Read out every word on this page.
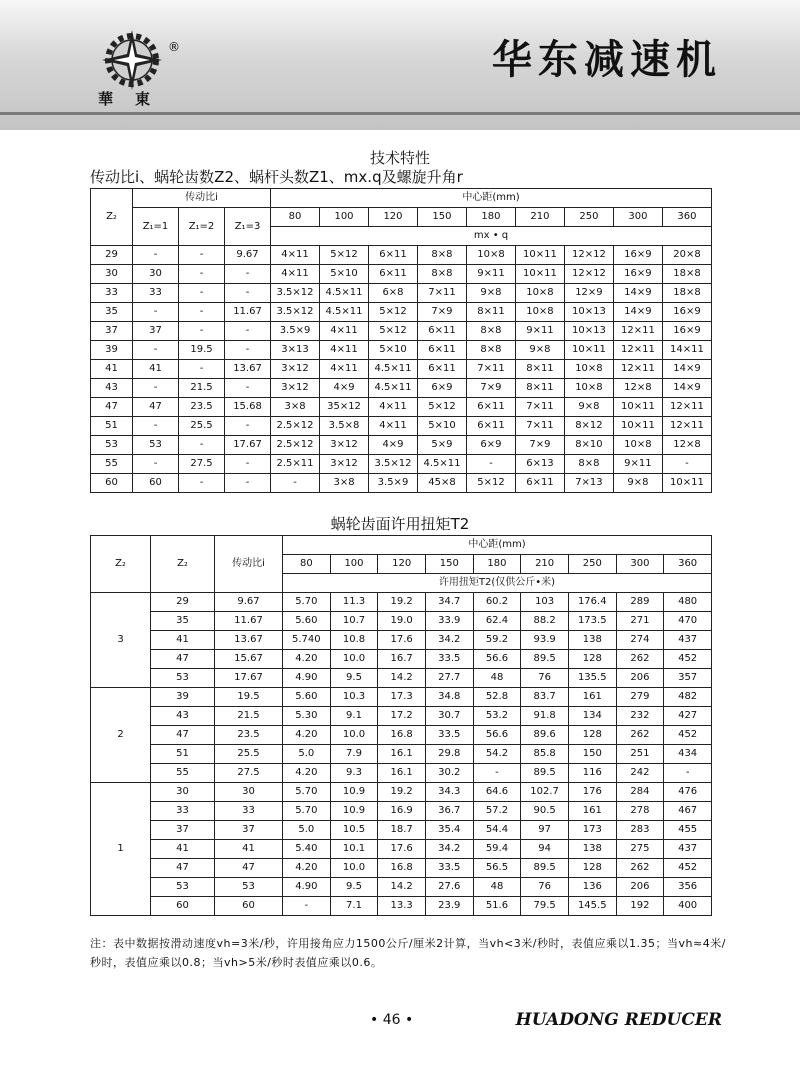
®
華東
华东减速机
技术特性
传动比i、蜗轮齿数Z2、蜗杆头数Z1、mx.q及螺旋升角r
Z₂	传动比i			中心距(mm)								
	Z₁=1	Z₁=2	Z₁=3	80	100	120	150	180	210	250	300	360
				mx • q								
29	-	-	9.67	4×11	5×12	6×11	8×8	10×8	10×11	12×12	16×9	20×8
30	30	-	-	4×11	5×10	6×11	8×8	9×11	10×11	12×12	16×9	18×8
33	33	-	-	3.5×12	4.5×11	6×8	7×11	9×8	10×8	12×9	14×9	18×8
35	-	-	11.67	3.5×12	4.5×11	5×12	7×9	8×11	10×8	10×13	14×9	16×9
37	37	-	-	3.5×9	4×11	5×12	6×11	8×8	9×11	10×13	12×11	16×9
39	-	19.5	-	3×13	4×11	5×10	6×11	8×8	9×8	10×11	12×11	14×11
41	41	-	13.67	3×12	4×11	4.5×11	6×11	7×11	8×11	10×8	12×11	14×9
43	-	21.5	-	3×12	4×9	4.5×11	6×9	7×9	8×11	10×8	12×8	14×9
47	47	23.5	15.68	3×8	35×12	4×11	5×12	6×11	7×11	9×8	10×11	12×11
51	-	25.5	-	2.5×12	3.5×8	4×11	5×10	6×11	7×11	8×12	10×11	12×11
53	53	-	17.67	2.5×12	3×12	4×9	5×9	6×9	7×9	8×10	10×8	12×8
55	-	27.5	-	2.5×11	3×12	3.5×12	4.5×11	-	6×13	8×8	9×11	-
60	60	-	-	-	3×8	3.5×9	45×8	5×12	6×11	7×13	9×8	10×11
蜗轮齿面许用扭矩T2
Z₂	Z₂	传动比i	中心距(mm)								
			80	100	120	150	180	210	250	300	360
			许用扭矩T2(仅供公斤•米)								
3	29	9.67	5.70	11.3	19.2	34.7	60.2	103	176.4	289	480
	35	11.67	5.60	10.7	19.0	33.9	62.4	88.2	173.5	271	470
	41	13.67	5.740	10.8	17.6	34.2	59.2	93.9	138	274	437
	47	15.67	4.20	10.0	16.7	33.5	56.6	89.5	128	262	452
	53	17.67	4.90	9.5	14.2	27.7	48	76	135.5	206	357
2	39	19.5	5.60	10.3	17.3	34.8	52.8	83.7	161	279	482
	43	21.5	5.30	9.1	17.2	30.7	53.2	91.8	134	232	427
	47	23.5	4.20	10.0	16.8	33.5	56.6	89.6	128	262	452
	51	25.5	5.0	7.9	16.1	29.8	54.2	85.8	150	251	434
	55	27.5	4.20	9.3	16.1	30.2	-	89.5	116	242	-
1	30	30	5.70	10.9	19.2	34.3	64.6	102.7	176	284	476
	33	33	5.70	10.9	16.9	36.7	57.2	90.5	161	278	467
	37	37	5.0	10.5	18.7	35.4	54.4	97	173	283	455
	41	41	5.40	10.1	17.6	34.2	59.4	94	138	275	437
	47	47	4.20	10.0	16.8	33.5	56.5	89.5	128	262	452
	53	53	4.90	9.5	14.2	27.6	48	76	136	206	356
	60	60	-	7.1	13.3	23.9	51.6	79.5	145.5	192	400
注：表中数据按滑动速度vh=3米/秒，许用接角应力1500公斤/厘米2计算，当vh<3米/秒时，表值应乘以1.35；当vh≈4米/秒时，表值应乘以0.8；当vh>5米/秒时表值应乘以0.6。
• 46 •	HUADONG REDUCER
